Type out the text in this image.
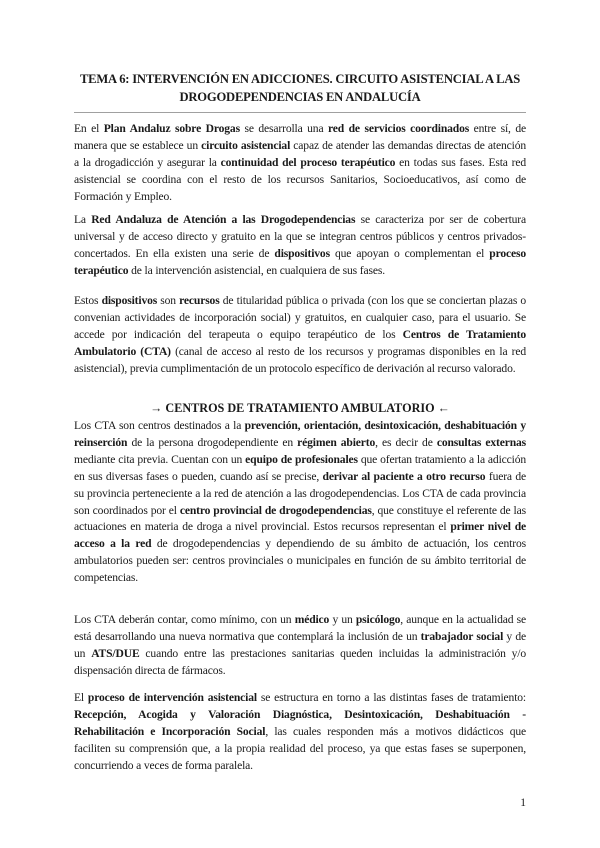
TEMA 6: INTERVENCIÓN EN ADICCIONES. CIRCUITO ASISTENCIAL A LAS
DROGODEPENDENCIAS EN ANDALUCÍA

En el Plan Andaluz sobre Drogas se desarrolla una red de servicios coordinados entre sí, de manera que se establece un circuito asistencial capaz de atender las demandas directas de atención a la drogadicción y asegurar la continuidad del proceso terapéutico en todas sus fases. Esta red asistencial se coordina con el resto de los recursos Sanitarios, Socioeducativos, así como de Formación y Empleo.

La Red Andaluza de Atención a las Drogodependencias se caracteriza por ser de cobertura universal y de acceso directo y gratuito en la que se integran centros públicos y centros privados-concertados. En ella existen una serie de dispositivos que apoyan o complementan el proceso terapéutico de la intervención asistencial, en cualquiera de sus fases.

Estos dispositivos son recursos de titularidad pública o privada (con los que se conciertan plazas o convenian actividades de incorporación social) y gratuitos, en cualquier caso, para el usuario. Se accede por indicación del terapeuta o equipo terapéutico de los Centros de Tratamiento Ambulatorio (CTA) (canal de acceso al resto de los recursos y programas disponibles en la red asistencial), previa cumplimentación de un protocolo específico de derivación al recurso valorado.

→ CENTROS DE TRATAMIENTO AMBULATORIO ←

Los CTA son centros destinados a la prevención, orientación, desintoxicación, deshabituación y reinserción de la persona drogodependiente en régimen abierto, es decir de consultas externas mediante cita previa. Cuentan con un equipo de profesionales que ofertan tratamiento a la adicción en sus diversas fases o pueden, cuando así se precise, derivar al paciente a otro recurso fuera de su provincia perteneciente a la red de atención a las drogodependencias. Los CTA de cada provincia son coordinados por el centro provincial de drogodependencias, que constituye el referente de las actuaciones en materia de droga a nivel provincial. Estos recursos representan el primer nivel de acceso a la red de drogodependencias y dependiendo de su ámbito de actuación, los centros ambulatorios pueden ser: centros provinciales o municipales en función de su ámbito territorial de competencias.

Los CTA deberán contar, como mínimo, con un médico y un psicólogo, aunque en la actualidad se está desarrollando una nueva normativa que contemplará la inclusión de un trabajador social y de un ATS/DUE cuando entre las prestaciones sanitarias queden incluidas la administración y/o dispensación directa de fármacos.

El proceso de intervención asistencial se estructura en torno a las distintas fases de tratamiento: Recepción, Acogida y Valoración Diagnóstica, Desintoxicación, Deshabituación - Rehabilitación e Incorporación Social, las cuales responden más a motivos didácticos que faciliten su comprensión que, a la propia realidad del proceso, ya que estas fases se superponen, concurriendo a veces de forma paralela.

1
